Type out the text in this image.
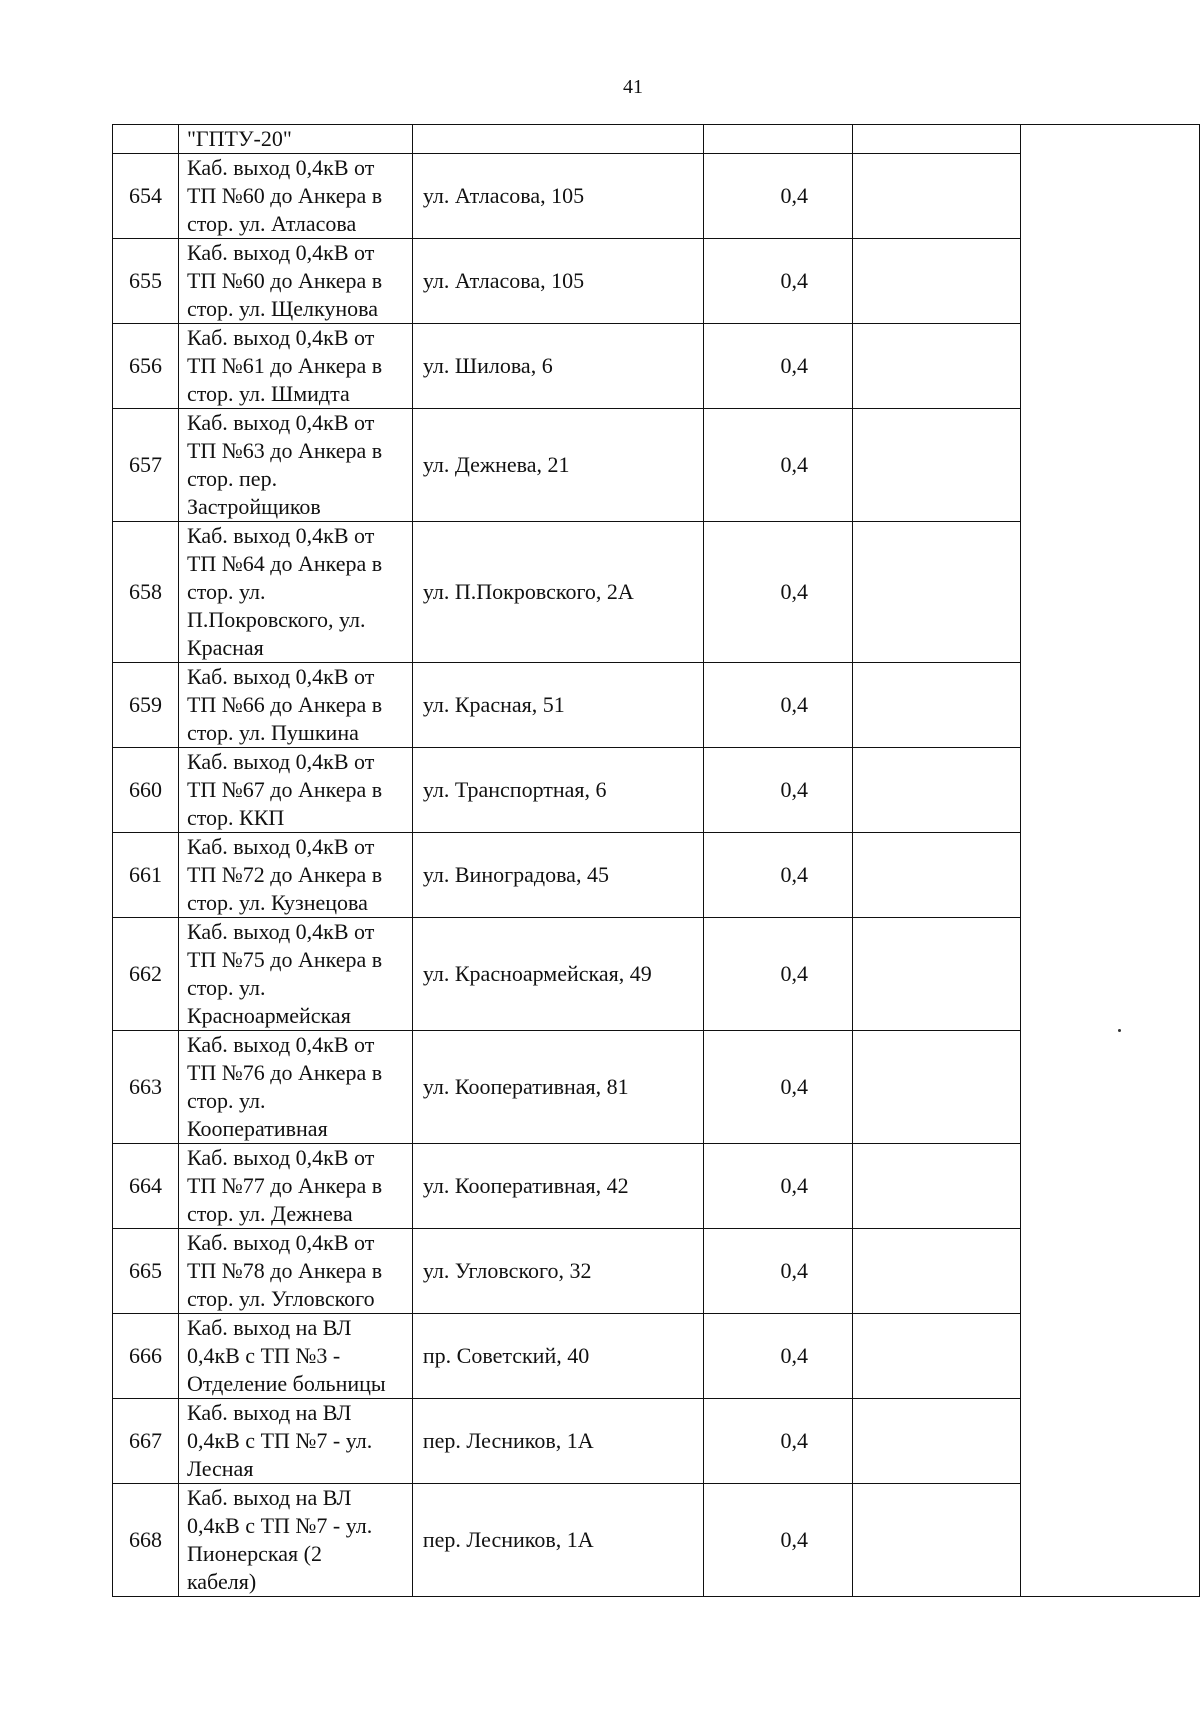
41

	"ГПТУ-20"				

654	Каб. выход 0,4кВ от
ТП №60 до Анкера в
стор. ул. Атласова	ул. Атласова, 105	0,4		
655	Каб. выход 0,4кВ от
ТП №60 до Анкера в
стор. ул. Щелкунова	ул. Атласова, 105	0,4		
656	Каб. выход 0,4кВ от
ТП №61 до Анкера в
стор. ул. Шмидта	ул. Шилова, 6	0,4		
657	Каб. выход 0,4кВ от
ТП №63 до Анкера в
стор. пер.
Застройщиков	ул. Дежнева, 21	0,4		
658	Каб. выход 0,4кВ от
ТП №64 до Анкера в
стор. ул.
П.Покровского, ул.
Красная	ул. П.Покровского, 2А	0,4		
659	Каб. выход 0,4кВ от
ТП №66 до Анкера в
стор. ул. Пушкина	ул. Красная, 51	0,4		
660	Каб. выход 0,4кВ от
ТП №67 до Анкера в
стор. ККП	ул. Транспортная, 6	0,4		
661	Каб. выход 0,4кВ от
ТП №72 до Анкера в
стор. ул. Кузнецова	ул. Виноградова, 45	0,4		
662	Каб. выход 0,4кВ от
ТП №75 до Анкера в
стор. ул.
Красноармейская	ул. Красноармейская, 49	0,4		
663	Каб. выход 0,4кВ от
ТП №76 до Анкера в
стор. ул.
Кооперативная	ул. Кооперативная, 81	0,4		
664	Каб. выход 0,4кВ от
ТП №77 до Анкера в
стор. ул. Дежнева	ул. Кооперативная, 42	0,4		
665	Каб. выход 0,4кВ от
ТП №78 до Анкера в
стор. ул. Угловского	ул. Угловского, 32	0,4		
666	Каб. выход на ВЛ
0,4кВ с ТП №3 -
Отделение больницы	пр. Советский, 40	0,4		
667	Каб. выход на ВЛ
0,4кВ с ТП №7 - ул.
Лесная	пер. Лесников, 1А	0,4		
668	Каб. выход на ВЛ
0,4кВ с ТП №7 - ул.
Пионерская (2
кабеля)	пер. Лесников, 1А	0,4		
